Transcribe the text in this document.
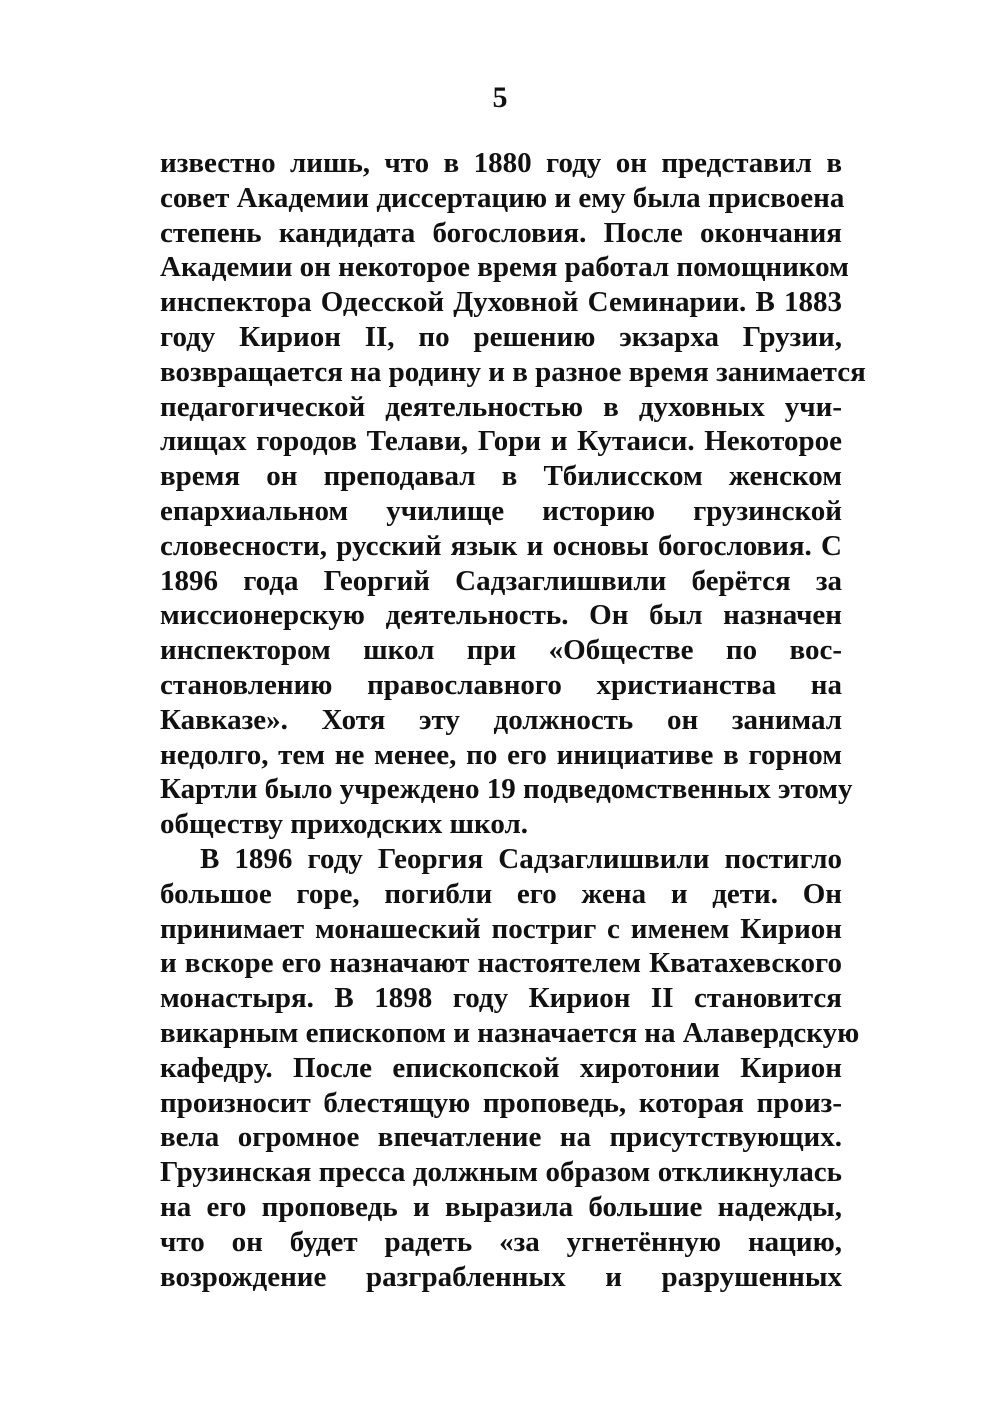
5
известно лишь, что в 1880 году он представил в
совет Академии диссертацию и ему была присвоена
степень кандидата богословия. После окончания
Академии он некоторое время работал помощником
инспектора Одесской Духовной Семинарии. В 1883
году Кирион II, по решению экзарха Грузии,
возвращается на родину и в разное время занимается
педагогической деятельностью в духовных учи-
лищах городов Телави, Гори и Кутаиси. Некоторое
время он преподавал в Тбилисском женском
епархиальном училище историю грузинской
словесности, русский язык и основы богословия. С
1896 года Георгий Садзаглишвили берётся за
миссионерскую деятельность. Он был назначен
инспектором школ при «Обществе по вос-
становлению православного христианства на
Кавказе». Хотя эту должность он занимал
недолго, тем не менее, по его инициативе в горном
Картли было учреждено 19 подведомственных этому
обществу приходских школ.
В 1896 году Георгия Садзаглишвили постигло
большое горе, погибли его жена и дети. Он
принимает монашеский постриг с именем Кирион
и вскоре его назначают настоятелем Кватахевского
монастыря. В 1898 году Кирион II становится
викарным епископом и назначается на Алавердскую
кафедру. После епископской хиротонии Кирион
произносит блестящую проповедь, которая произ-
вела огромное впечатление на присутствующих.
Грузинская пресса должным образом откликнулась
на его проповедь и выразила большие надежды,
что он будет радеть «за угнетённую нацию,
возрождение разграбленных и разрушенных
